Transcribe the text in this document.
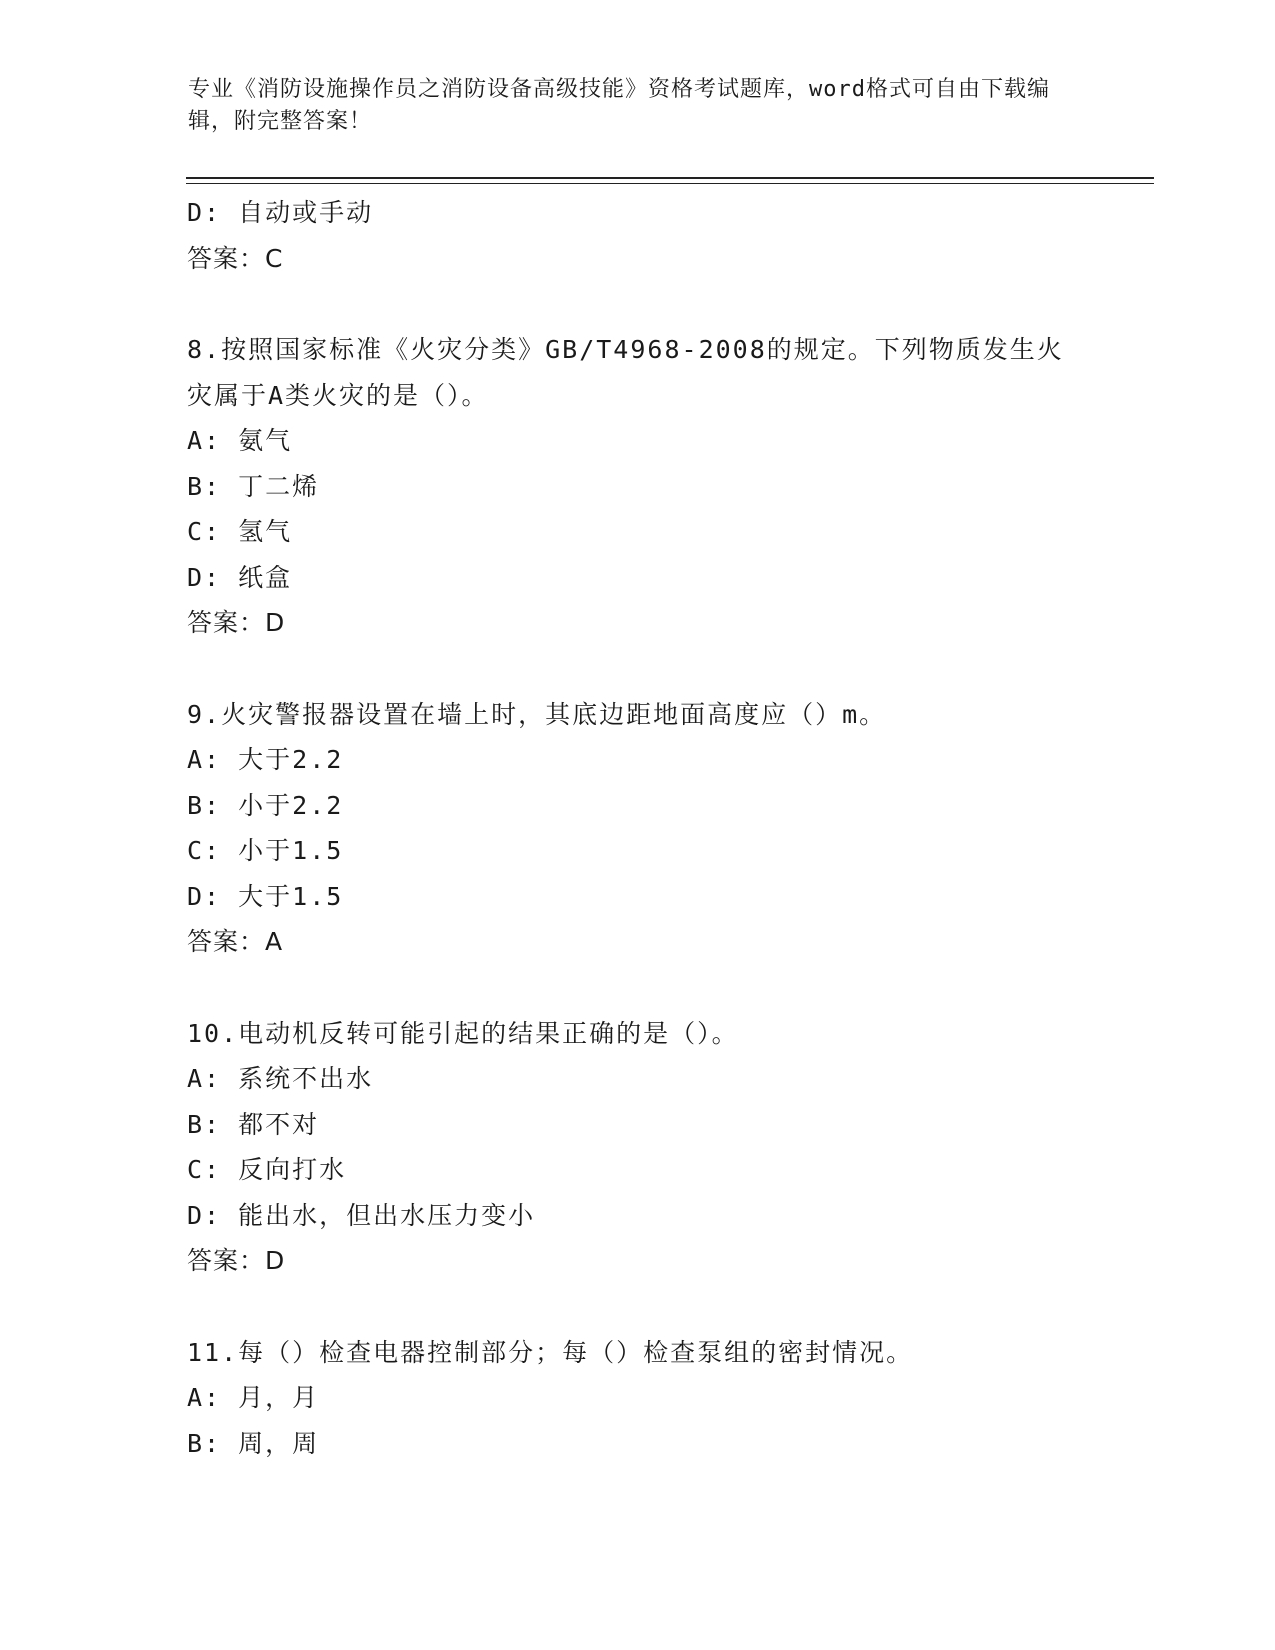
专业《消防设施操作员之消防设备高级技能》资格考试题库，word格式可自由下载编辑，附完整答案！
D: 自动或手动
答案：C
8.按照国家标准《火灾分类》GB/T4968-2008的规定。下列物质发生火灾属于A类火灾的是（）。
A: 氨气
B: 丁二烯
C: 氢气
D: 纸盒
答案：D
9.火灾警报器设置在墙上时，其底边距地面高度应（）m。
A: 大于2.2
B: 小于2.2
C: 小于1.5
D: 大于1.5
答案：A
10.电动机反转可能引起的结果正确的是（）。
A: 系统不出水
B: 都不对
C: 反向打水
D: 能出水，但出水压力变小
答案：D
11.每（）检查电器控制部分；每（）检查泵组的密封情况。
A: 月，月
B: 周，周
